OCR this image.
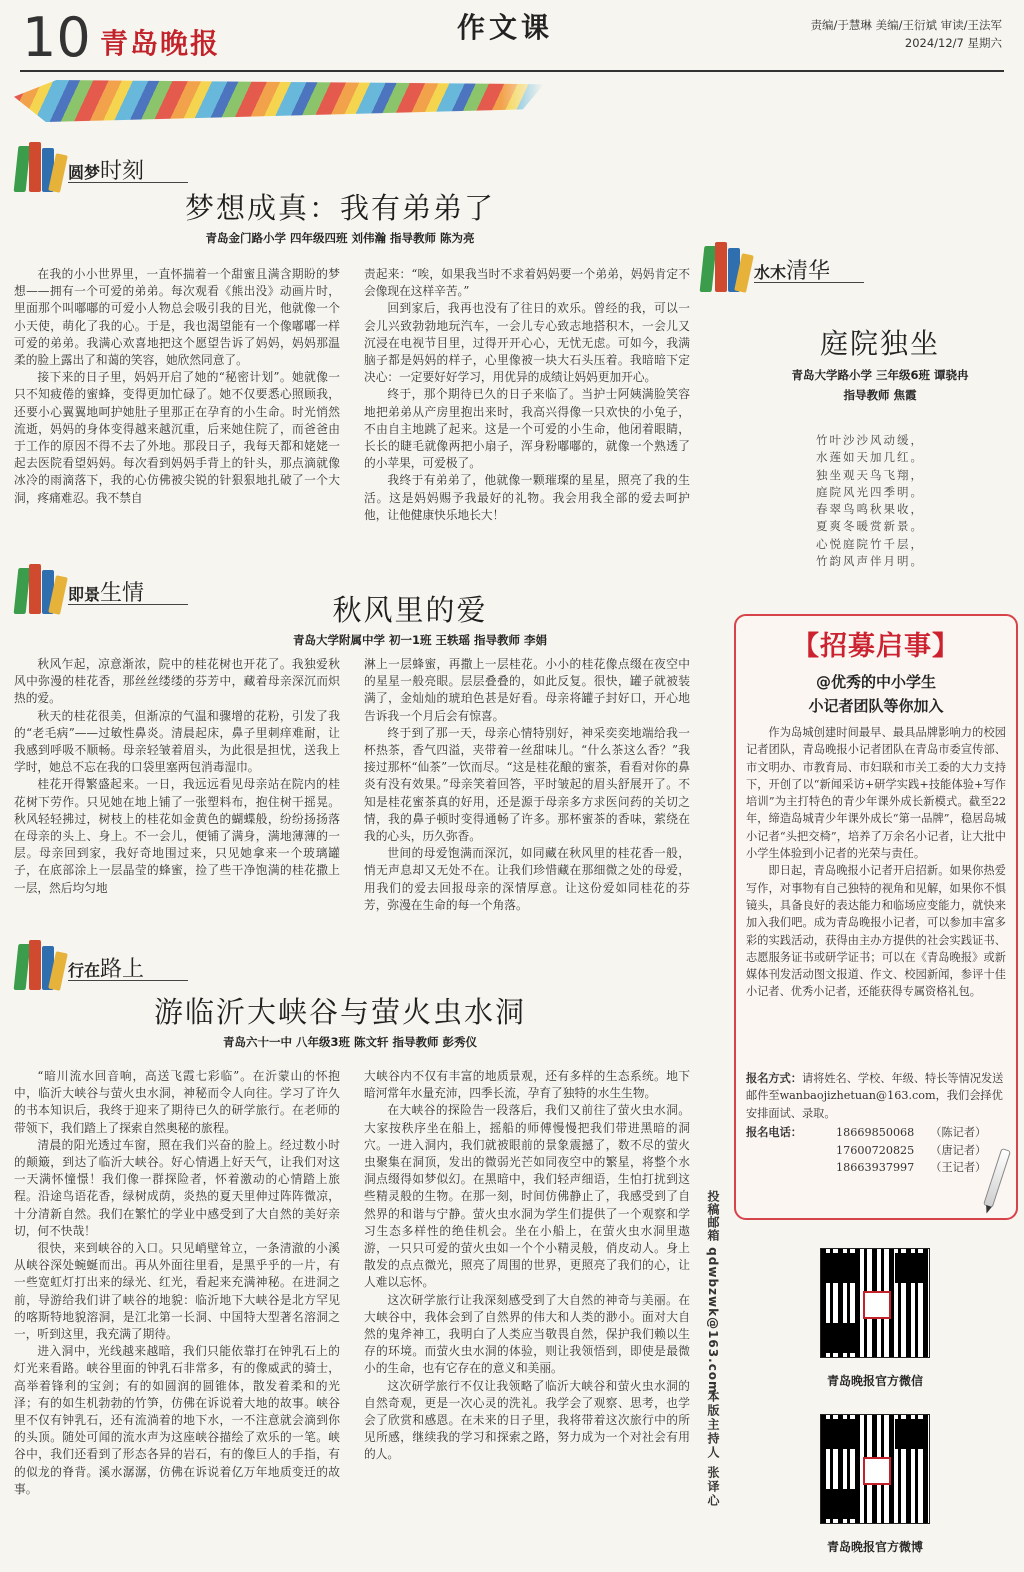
10 青岛晚报	作文课	责编/于慧琳 美编/王衍斌 审读/王法军
2024/12/7 星期六
圆梦时刻
梦想成真：我有弟弟了
青岛金门路小学 四年级四班 刘伟瀚 指导教师 陈为亮

在我的小小世界里，一直怀揣着一个甜蜜且满含期盼的梦想——拥有一个可爱的弟弟。每次观看《熊出没》动画片时，里面那个叫嘟嘟的可爱小人物总会吸引我的目光，他就像一个小天使，萌化了我的心。于是，我也渴望能有一个像嘟嘟一样可爱的弟弟。我满心欢喜地把这个愿望告诉了妈妈，妈妈那温柔的脸上露出了和蔼的笑容，她欣然同意了。

接下来的日子里，妈妈开启了她的“秘密计划”。她就像一只不知疲倦的蜜蜂，变得更加忙碌了。她不仅要悉心照顾我，还要小心翼翼地呵护她肚子里那正在孕育的小生命。时光悄然流逝，妈妈的身体变得越来越沉重，后来她住院了，而爸爸由于工作的原因不得不去了外地。那段日子，我每天都和姥姥一起去医院看望妈妈。每次看到妈妈手背上的针头，那点滴就像冰冷的雨滴落下，我的心仿佛被尖锐的针狠狠地扎破了一个大洞，疼痛难忍。我不禁自

责起来：“唉，如果我当时不求着妈妈要一个弟弟，妈妈肯定不会像现在这样辛苦。”

回到家后，我再也没有了往日的欢乐。曾经的我，可以一会儿兴致勃勃地玩汽车，一会儿专心致志地搭积木，一会儿又沉浸在电视节目里，过得开开心心，无忧无虑。可如今，我满脑子都是妈妈的样子，心里像被一块大石头压着。我暗暗下定决心：一定要好好学习，用优异的成绩让妈妈更加开心。

终于，那个期待已久的日子来临了。当护士阿姨满脸笑容地把弟弟从产房里抱出来时，我高兴得像一只欢快的小兔子，不由自主地跳了起来。这是一个可爱的小生命，他闭着眼睛，长长的睫毛就像两把小扇子，浑身粉嘟嘟的，就像一个熟透了的小苹果，可爱极了。

我终于有弟弟了，他就像一颗璀璨的星星，照亮了我的生活。这是妈妈赐予我最好的礼物。我会用我全部的爱去呵护他，让他健康快乐地长大！

即景生情	秋风里的爱
青岛大学附属中学 初一1班 王轶瑶 指导教师 李娟

秋风乍起，凉意渐浓，院中的桂花树也开花了。我独爱秋风中弥漫的桂花香，那丝丝缕缕的芬芳中，藏着母亲深沉而炽热的爱。

秋天的桂花很美，但渐凉的气温和骤增的花粉，引发了我的“老毛病”——过敏性鼻炎。清晨起床，鼻子里刺痒难耐，让我感到呼吸不顺畅。母亲轻皱着眉头，为此很是担忧，送我上学时，她总不忘在我的口袋里塞两包消毒湿巾。

桂花开得繁盛起来。一日，我远远看见母亲站在院内的桂花树下劳作。只见她在地上铺了一张塑料布，抱住树干摇晃。秋风轻轻拂过，树枝上的桂花如金黄色的蝴蝶般，纷纷扬扬落在母亲的头上、身上。不一会儿，便铺了满身，满地薄薄的一层。母亲回到家，我好奇地围过来，只见她拿来一个玻璃罐子，在底部涂上一层晶莹的蜂蜜，捡了些干净饱满的桂花撒上一层，然后均匀地

淋上一层蜂蜜，再撒上一层桂花。小小的桂花像点缀在夜空中的星星一般亮眼。层层叠叠的，如此反复。很快，罐子就被装满了，金灿灿的琥珀色甚是好看。母亲将罐子封好口，开心地告诉我一个月后会有惊喜。

终于到了那一天，母亲心情特别好，神采奕奕地端给我一杯热茶，香气四溢，夹带着一丝甜味儿。“什么茶这么香？”我接过那杯“仙茶”一饮而尽。“这是桂花酿的蜜茶，看看对你的鼻炎有没有效果。”母亲笑着回答，平时皱起的眉头舒展开了。不知是桂花蜜茶真的好用，还是源于母亲多方求医问药的关切之情，我的鼻子顿时变得通畅了许多。那杯蜜茶的香味，萦绕在我的心头，历久弥香。

世间的母爱饱满而深沉，如同藏在秋风里的桂花香一般，悄无声息却又无处不在。让我们珍惜藏在那细微之处的母爱，用我们的爱去回报母亲的深情厚意。让这份爱如同桂花的芬芳，弥漫在生命的每一个角落。

行在路上
游临沂大峡谷与萤火虫水洞
青岛六十一中 八年级3班 陈文轩 指导教师 彭秀仪

“暗川流水回音响，高送飞霞七彩临”。在沂蒙山的怀抱中，临沂大峡谷与萤火虫水洞，神秘而令人向往。学习了许久的书本知识后，我终于迎来了期待已久的研学旅行。在老师的带领下，我们踏上了探索自然奥秘的旅程。

清晨的阳光透过车窗，照在我们兴奋的脸上。经过数小时的颠簸，到达了临沂大峡谷。好心情遇上好天气，让我们对这一天满怀憧憬！我们像一群探险者，怀着激动的心情踏上旅程。沿途鸟语花香，绿树成荫，炎热的夏天里伸过阵阵微凉，十分清新自然。我们在繁忙的学业中感受到了大自然的美好亲切，何不快哉！

很快，来到峡谷的入口。只见峭壁耸立，一条清澈的小溪从峡谷深处蜿蜒而出。再从外面往里看，是黑乎乎的一片，有一些宽虹灯打出来的绿光、红光，看起来充满神秘。在进洞之前，导游给我们讲了峡谷的地貌：临沂地下大峡谷是北方罕见的喀斯特地貌溶洞，是江北第一长洞、中国特大型著名溶洞之一，听到这里，我充满了期待。

进入洞中，光线越来越暗，我们只能依靠打在钟乳石上的灯光来看路。峡谷里面的钟乳石非常多，有的像威武的骑士，高举着锋利的宝剑；有的如圆润的圆锥体，散发着柔和的光泽；有的如生机勃勃的竹笋，仿佛在诉说着大地的故事。峡谷里不仅有钟乳石，还有流淌着的地下水，一不注意就会滴到你的头顶。随处可闻的流水声为这座峡谷描绘了欢乐的一笔。峡谷中，我们还看到了形态各异的岩石，有的像巨人的手指，有的似龙的脊背。溪水潺潺，仿佛在诉说着亿万年地质变迁的故事。

大峡谷内不仅有丰富的地质景观，还有多样的生态系统。地下暗河常年水量充沛，四季长流，孕育了独特的水生生物。

在大峡谷的探险告一段落后，我们又前往了萤火虫水洞。大家按秩序坐在船上，摇船的师傅慢慢把我们带进黑暗的洞穴。一进入洞内，我们就被眼前的景象震撼了，数不尽的萤火虫聚集在洞顶，发出的微弱光芒如同夜空中的繁星，将整个水洞点缀得如梦似幻。在黑暗中，我们轻声细语，生怕打扰到这些精灵般的生物。在那一刻，时间仿佛静止了，我感受到了自然界的和谐与宁静。萤火虫水洞为学生们提供了一个观察和学习生态多样性的绝佳机会。坐在小船上，在萤火虫水洞里遨游，一只只可爱的萤火虫如一个个小精灵般，俏皮动人。身上散发的点点微光，照亮了周围的世界，更照亮了我们的心，让人难以忘怀。

这次研学旅行让我深刻感受到了大自然的神奇与美丽。在大峡谷中，我体会到了自然界的伟大和人类的渺小。面对大自然的鬼斧神工，我明白了人类应当敬畏自然，保护我们赖以生存的环境。而萤火虫水洞的体验，则让我领悟到，即使是最微小的生命，也有它存在的意义和美丽。

这次研学旅行不仅让我领略了临沂大峡谷和萤火虫水洞的自然奇观，更是一次心灵的洗礼。我学会了观察、思考，也学会了欣赏和感恩。在未来的日子里，我将带着这次旅行中的所见所感，继续我的学习和探索之路，努力成为一个对社会有用的人。

水木清华
庭院独坐
青岛大学路小学 三年级6班 谭骁冉
指导教师 焦霞
竹叶沙沙风动缓，
水莲如天加几红。
独坐观天鸟飞翔，
庭院风光四季明。
春翠鸟鸣秋果收，
夏爽冬暖赏新景。
心悦庭院竹千层，
竹韵风声伴月明。
【招募启事】
@优秀的中小学生
小记者团队等你加入

作为岛城创建时间最早、最具品牌影响力的校园记者团队，青岛晚报小记者团队在青岛市委宣传部、市文明办、市教育局、市妇联和市关工委的大力支持下，开创了以“新闻采访+研学实践+技能体验+写作培训”为主打特色的青少年课外成长新模式。截至22年，缔造岛城青少年课外成长“第一品牌”，稳居岛城小记者“头把交椅”，培养了万余名小记者，让大批中小学生体验到小记者的光荣与责任。

即日起，青岛晚报小记者开启招新。如果你热爱写作，对事物有自己独特的视角和见解，如果你不惧镜头，具备良好的表达能力和临场应变能力，就快来加入我们吧。成为青岛晚报小记者，可以参加丰富多彩的实践活动，获得由主办方提供的社会实践证书、志愿服务证书或研学证书；可以在《青岛晚报》或新媒体刊发活动图文报道、作文、校园新闻，参评十佳小记者、优秀小记者，还能获得专属资格礼包。

报名方式：请将姓名、学校、年级、特长等情况发送邮件至wanbaojizhetuan@163.com，我们会择优安排面试、录取。
报名电话：	18669850068 （陈记者）
17600720825 （唐记者）
18663937997 （王记者）
投稿邮箱 qdwbzwk@163.com
本版主持人 张译心
青岛晚报官方微信
青岛晚报官方微博
